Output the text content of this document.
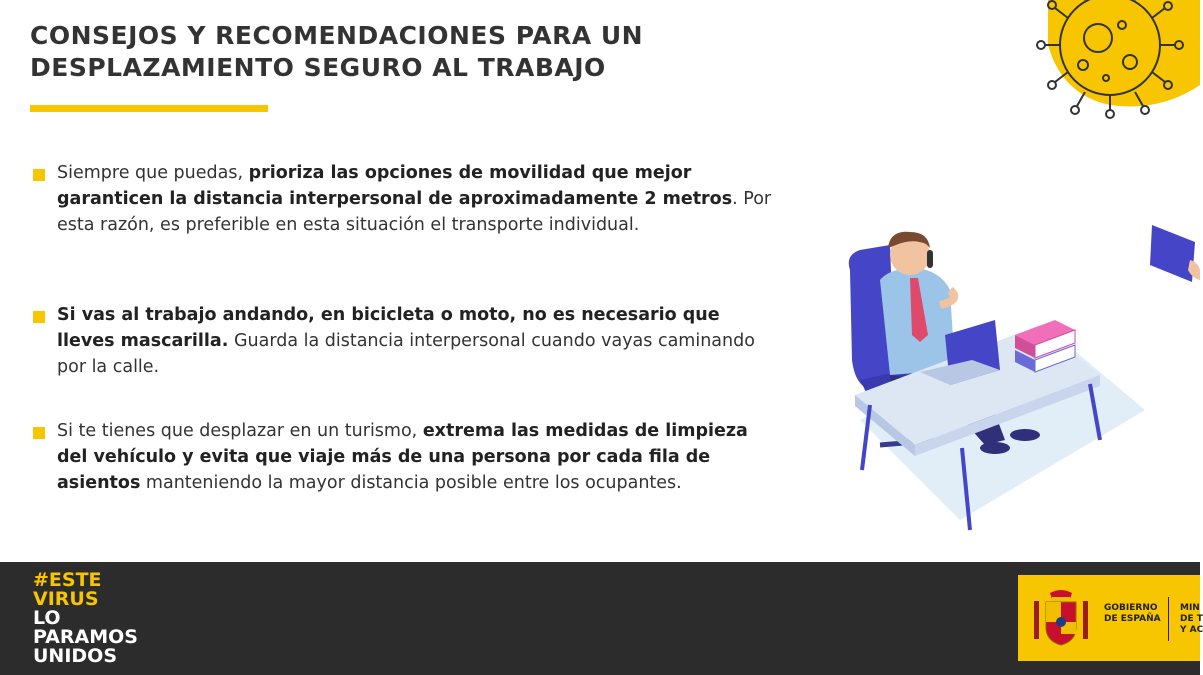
CONSEJOS Y RECOMENDACIONES PARA UN
DESPLAZAMIENTO SEGURO AL TRABAJO

Siempre que puedas, prioriza las opciones de movilidad que mejor garanticen la distancia interpersonal de aproximadamente 2 metros. Por esta razón, es preferible en esta situación el transporte individual.

Si vas al trabajo andando, en bicicleta o moto, no es necesario que lleves mascarilla. Guarda la distancia interpersonal cuando vayas caminando por la calle.

Si te tienes que desplazar en un turismo, extrema las medidas de limpieza del vehículo y evita que viaje más de una persona por cada fila de asientos manteniendo la mayor distancia posible entre los ocupantes.

#ESTE
VIRUS
LO
PARAMOS
UNIDOS
GOBIERNO
DE ESPAÑA
MIN
DE T
Y AC
